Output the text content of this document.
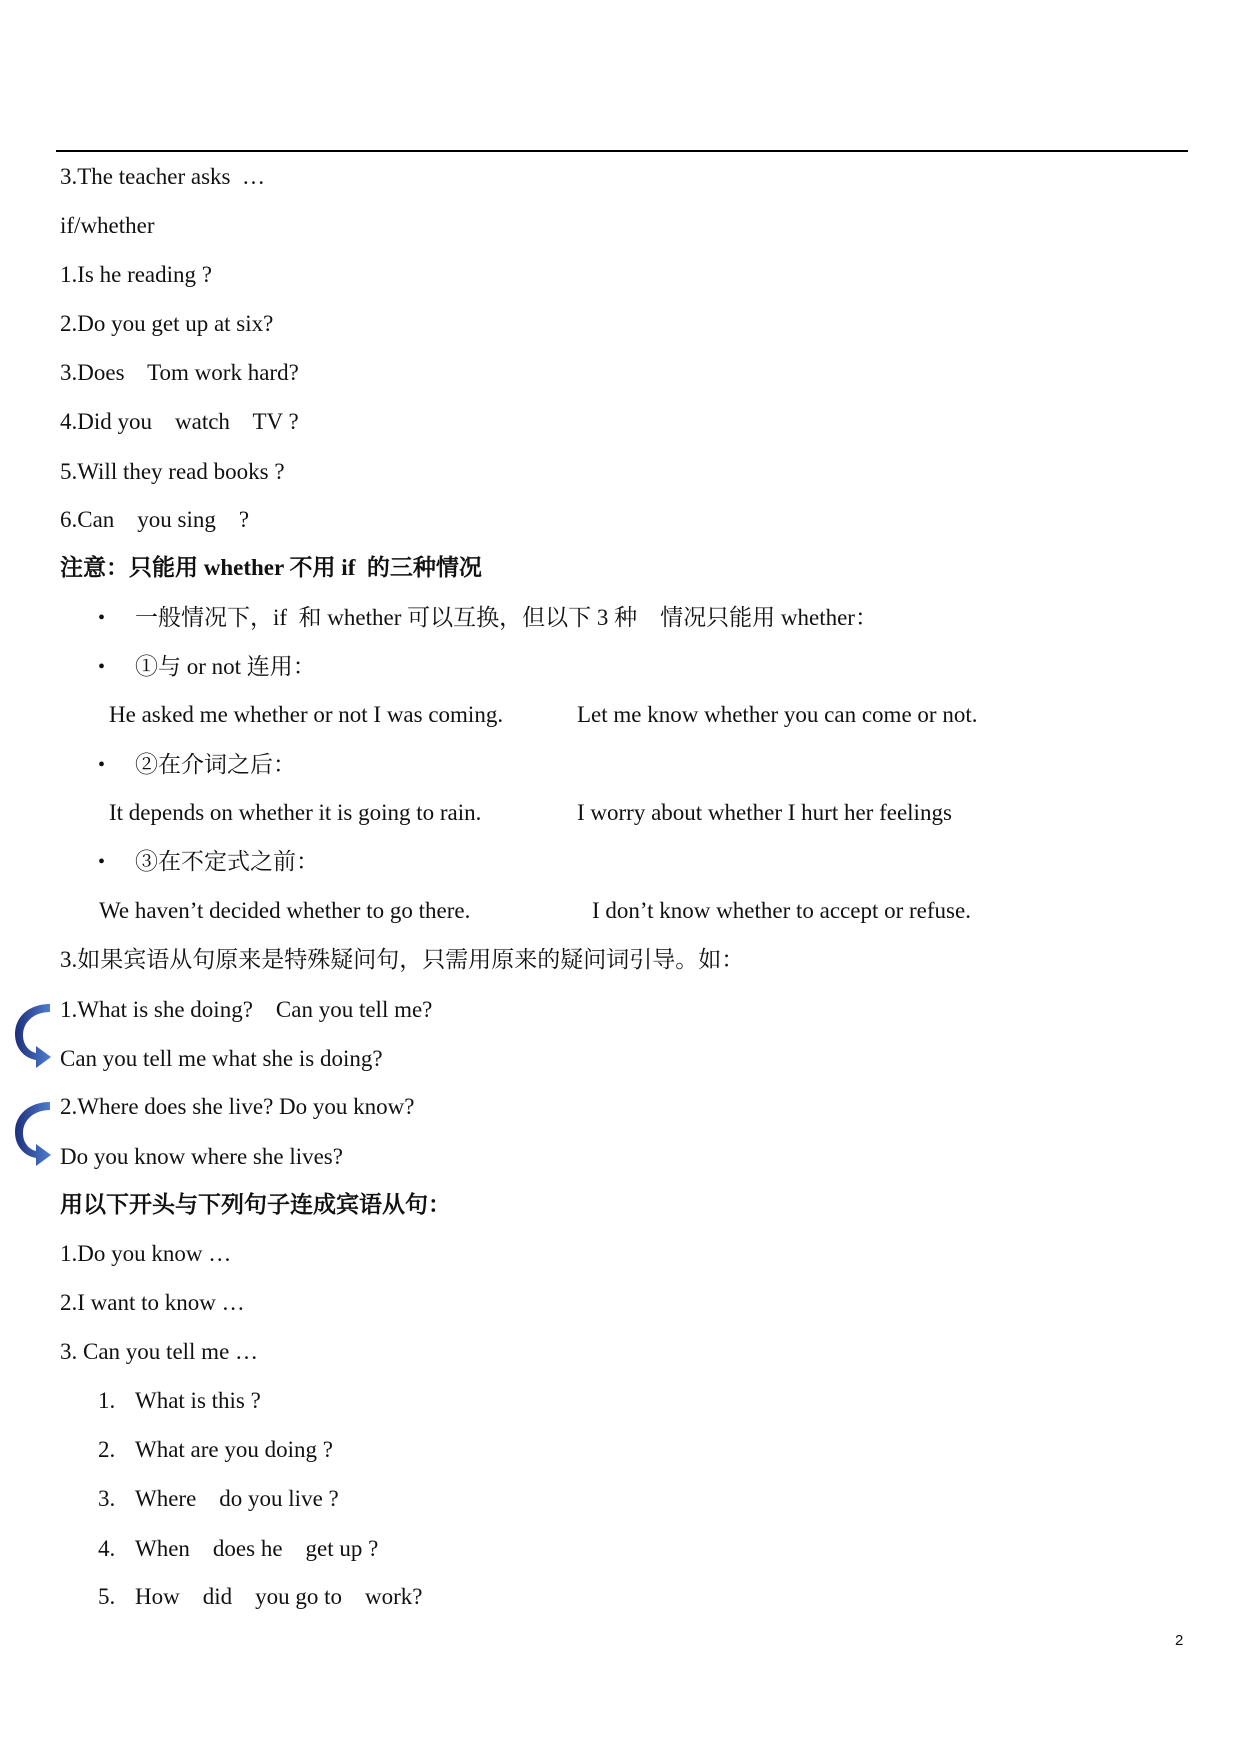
3.The teacher asks  …
if/whether
1.Is he reading ?
2.Do you get up at six?
3.Does    Tom work hard?
4.Did you    watch    TV ?
5.Will they read books ?
6.Can    you sing    ?
注意：只能用 whether 不用 if  的三种情况
• 一般情况下，if  和 whether 可以互换，但以下 3 种    情况只能用 whether：
• ①与 or not 连用：
He asked me whether or not I was coming.	Let me know whether you can come or not.
• ②在介词之后：
It depends on whether it is going to rain.	I worry about whether I hurt her feelings
• ③在不定式之前：
We haven’t decided whether to go there.	I don’t know whether to accept or refuse.
3.如果宾语从句原来是特殊疑问句，只需用原来的疑问词引导。如：
1.What is she doing?    Can you tell me?
Can you tell me what she is doing?
2.Where does she live? Do you know?
Do you know where she lives?
用以下开头与下列句子连成宾语从句：
1.Do you know …
2.I want to know …
3. Can you tell me …
1. What is this ?
2. What are you doing ?
3. Where    do you live ?
4. When    does he    get up ?
5. How    did    you go to    work?
2
